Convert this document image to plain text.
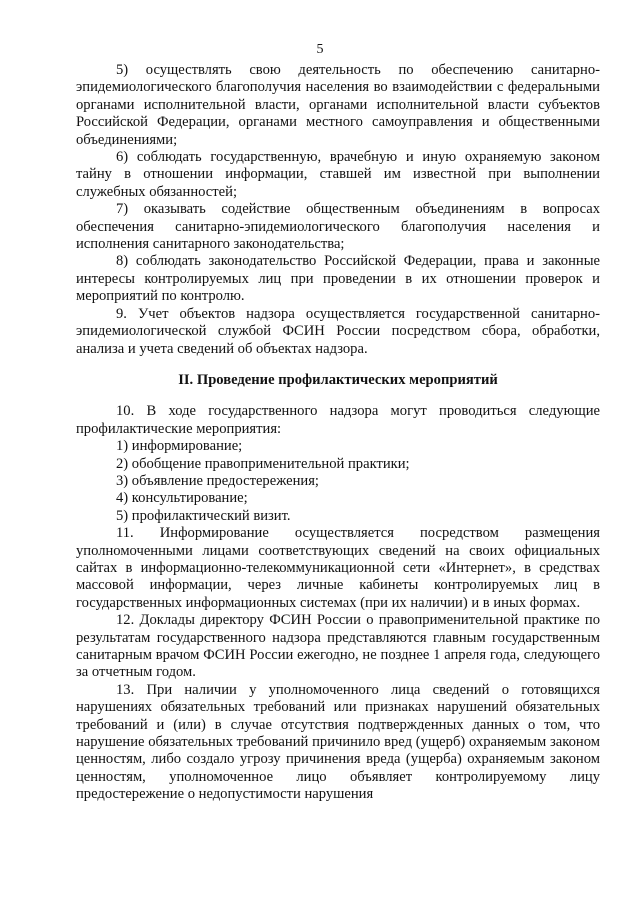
5

5) осуществлять свою деятельность по обеспечению санитарно-эпидемиологического благополучия населения во взаимодействии с федеральными органами исполнительной власти, органами исполнительной власти субъектов Российской Федерации, органами местного самоуправления и общественными объединениями;

6) соблюдать государственную, врачебную и иную охраняемую законом тайну в отношении информации, ставшей им известной при выполнении служебных обязанностей;

7) оказывать содействие общественным объединениям в вопросах обеспечения санитарно-эпидемиологического благополучия населения и исполнения санитарного законодательства;

8) соблюдать законодательство Российской Федерации, права и законные интересы контролируемых лиц при проведении в их отношении проверок и мероприятий по контролю.

9. Учет объектов надзора осуществляется государственной санитарно-эпидемиологической службой ФСИН России посредством сбора, обработки, анализа и учета сведений об объектах надзора.

II. Проведение профилактических мероприятий

10. В ходе государственного надзора могут проводиться следующие профилактические мероприятия:

1) информирование;

2) обобщение правоприменительной практики;

3) объявление предостережения;

4) консультирование;

5) профилактический визит.

11. Информирование осуществляется посредством размещения уполномоченными лицами соответствующих сведений на своих официальных сайтах в информационно-телекоммуникационной сети «Интернет», в средствах массовой информации, через личные кабинеты контролируемых лиц в государственных информационных системах (при их наличии) и в иных формах.

12. Доклады директору ФСИН России о правоприменительной практике по результатам государственного надзора представляются главным государственным санитарным врачом ФСИН России ежегодно, не позднее 1 апреля года, следующего за отчетным годом.

13. При наличии у уполномоченного лица сведений о готовящихся нарушениях обязательных требований или признаках нарушений обязательных требований и (или) в случае отсутствия подтвержденных данных о том, что нарушение обязательных требований причинило вред (ущерб) охраняемым законом ценностям, либо создало угрозу причинения вреда (ущерба) охраняемым законом ценностям, уполномоченное лицо объявляет контролируемому лицу предостережение о недопустимости нарушения
